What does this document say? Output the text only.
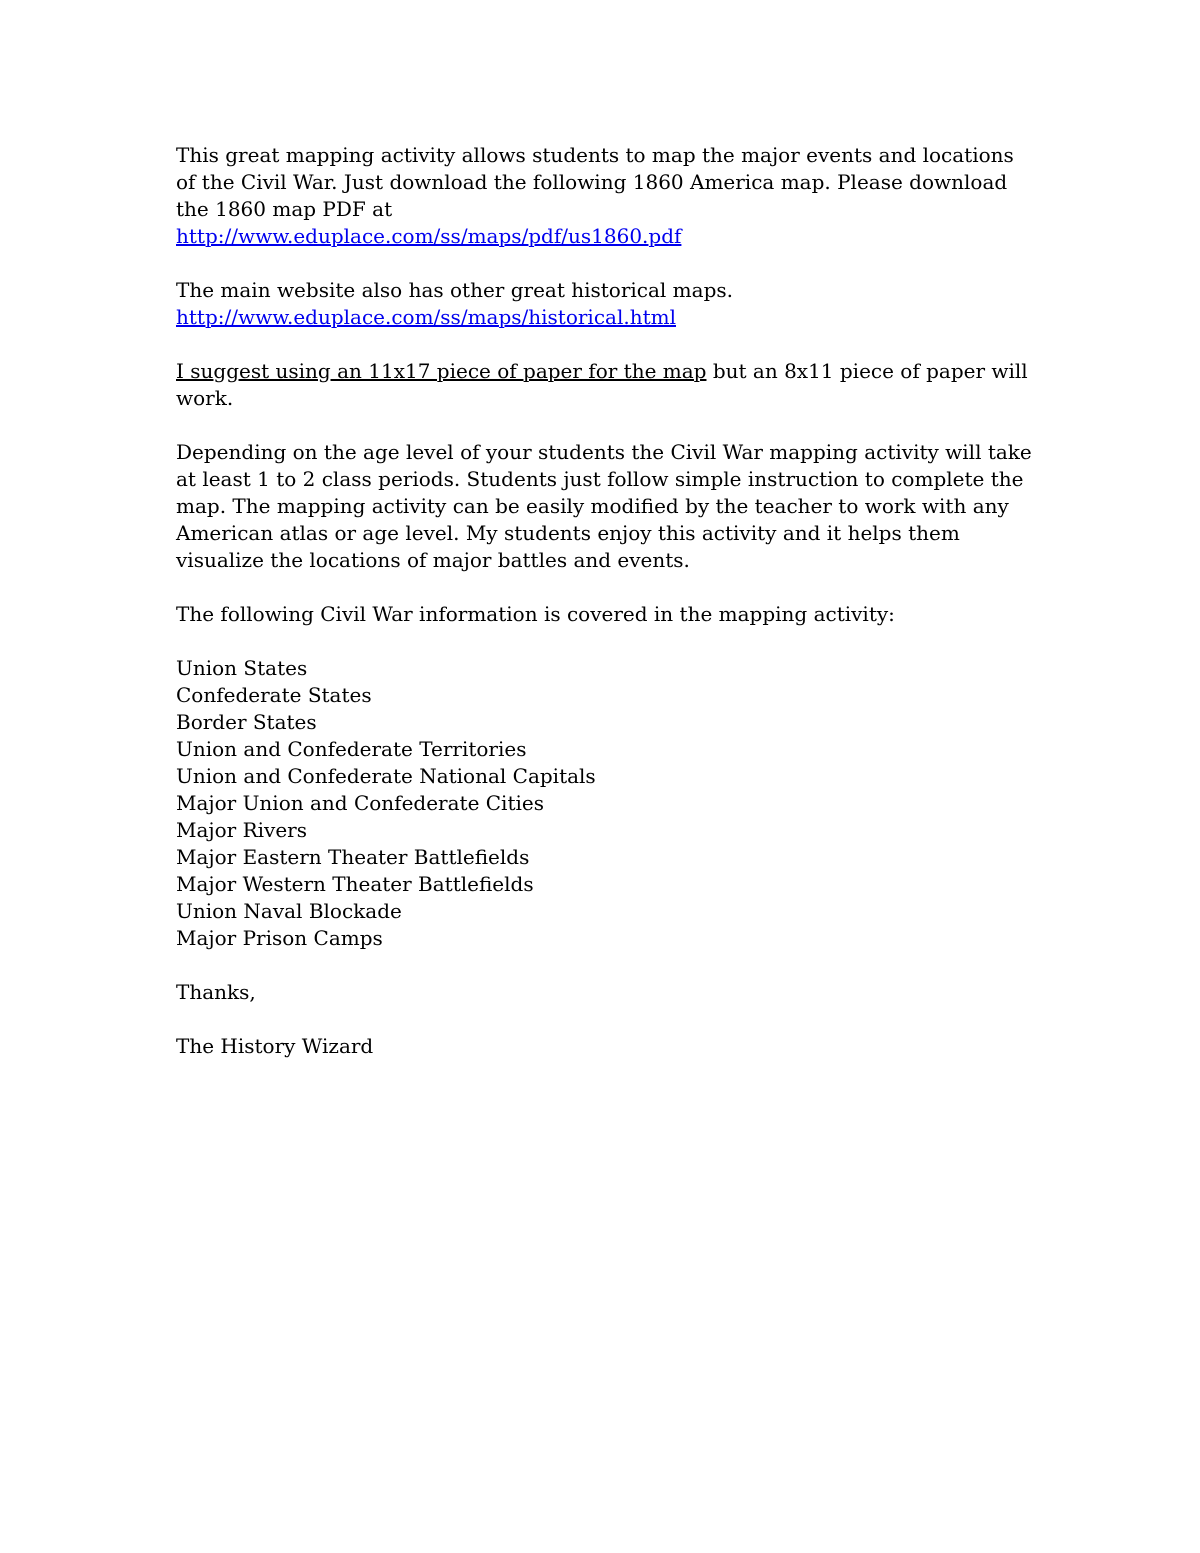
This great mapping activity allows students to map the major events and locations
of the Civil War. Just download the following 1860 America map. Please download
the 1860 map PDF at
http://www.eduplace.com/ss/maps/pdf/us1860.pdf
The main website also has other great historical maps.
http://www.eduplace.com/ss/maps/historical.html
I suggest using an 11x17 piece of paper for the map but an 8x11 piece of paper will
work.
Depending on the age level of your students the Civil War mapping activity will take
at least 1 to 2 class periods. Students just follow simple instruction to complete the
map. The mapping activity can be easily modified by the teacher to work with any
American atlas or age level. My students enjoy this activity and it helps them
visualize the locations of major battles and events.
The following Civil War information is covered in the mapping activity:
Union States
Confederate States
Border States
Union and Confederate Territories
Union and Confederate National Capitals
Major Union and Confederate Cities
Major Rivers
Major Eastern Theater Battlefields
Major Western Theater Battlefields
Union Naval Blockade
Major Prison Camps
Thanks,
The History Wizard
